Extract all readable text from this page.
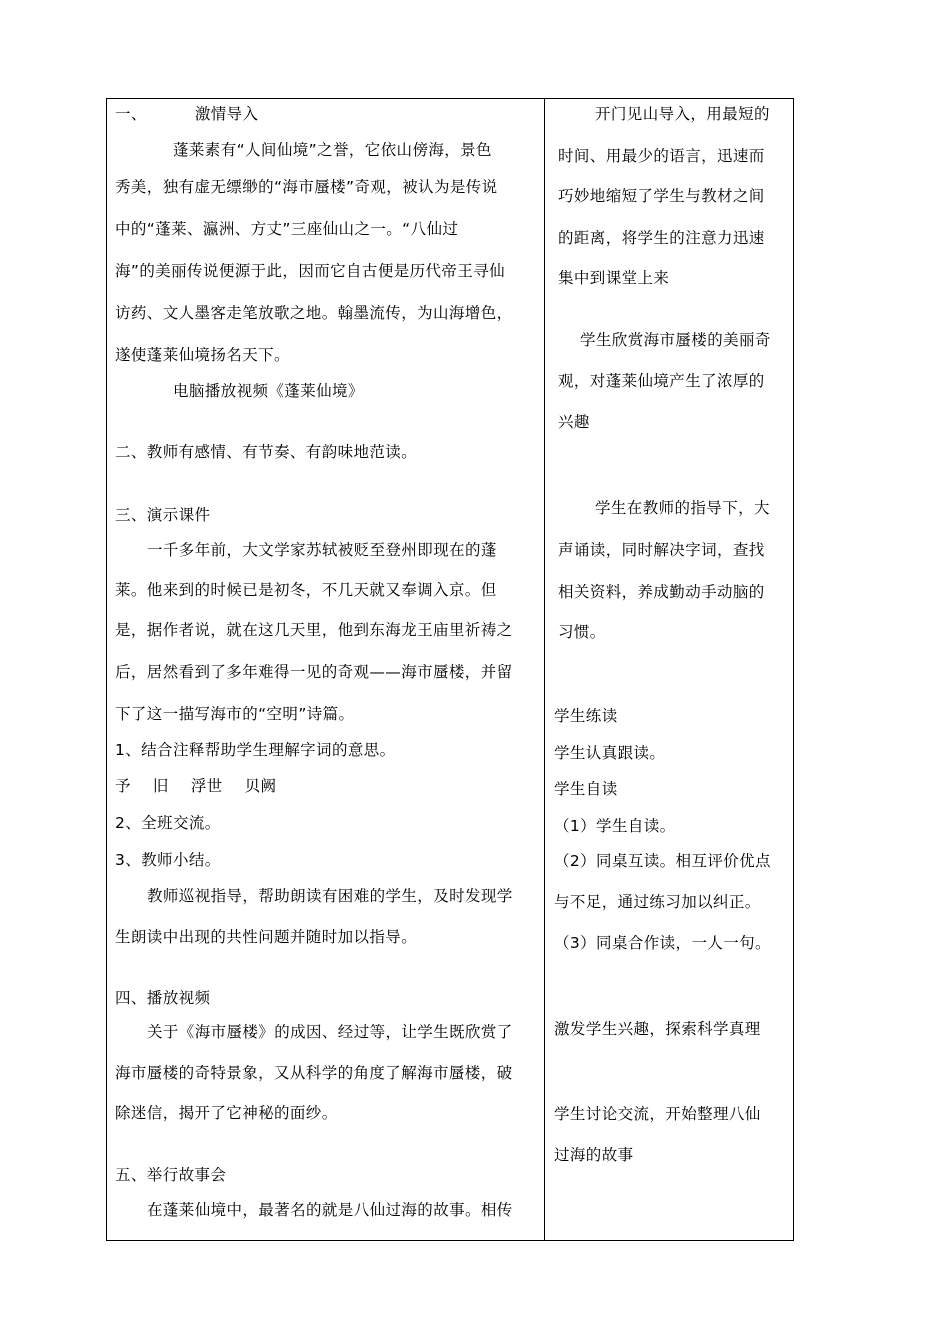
一、	激情导入
蓬莱素有“人间仙境”之誉，它依山傍海，景色
秀美，独有虚无缥缈的“海市蜃楼”奇观，被认为是传说
中的“蓬莱、瀛洲、方丈”三座仙山之一。“八仙过
海”的美丽传说便源于此，因而它自古便是历代帝王寻仙
访药、文人墨客走笔放歌之地。翰墨流传，为山海增色，
遂使蓬莱仙境扬名天下。
电脑播放视频《蓬莱仙境》
二、教师有感情、有节奏、有韵味地范读。
三、演示课件
一千多年前，大文学家苏轼被贬至登州即现在的蓬
莱。他来到的时候已是初冬，不几天就又奉调入京。但
是，据作者说，就在这几天里，他到东海龙王庙里祈祷之
后，居然看到了多年难得一见的奇观——海市蜃楼，并留
下了这一描写海市的“空明”诗篇。
1、结合注释帮助学生理解字词的意思。
予 旧 浮世 贝阙
2、全班交流。
3、教师小结。
教师巡视指导，帮助朗读有困难的学生，及时发现学
生朗读中出现的共性问题并随时加以指导。
四、播放视频
关于《海市蜃楼》的成因、经过等，让学生既欣赏了
海市蜃楼的奇特景象，又从科学的角度了解海市蜃楼，破
除迷信，揭开了它神秘的面纱。
五、举行故事会
在蓬莱仙境中，最著名的就是八仙过海的故事。相传
开门见山导入，用最短的
时间、用最少的语言，迅速而
巧妙地缩短了学生与教材之间
的距离，将学生的注意力迅速
集中到课堂上来
学生欣赏海市蜃楼的美丽奇
观，对蓬莱仙境产生了浓厚的
兴趣
学生在教师的指导下，大
声诵读，同时解决字词，查找
相关资料，养成勤动手动脑的
习惯。
学生练读
学生认真跟读。
学生自读
（1）学生自读。
（2）同桌互读。相互评价优点
与不足，通过练习加以纠正。
（3）同桌合作读，一人一句。
激发学生兴趣，探索科学真理
学生讨论交流，开始整理八仙
过海的故事
